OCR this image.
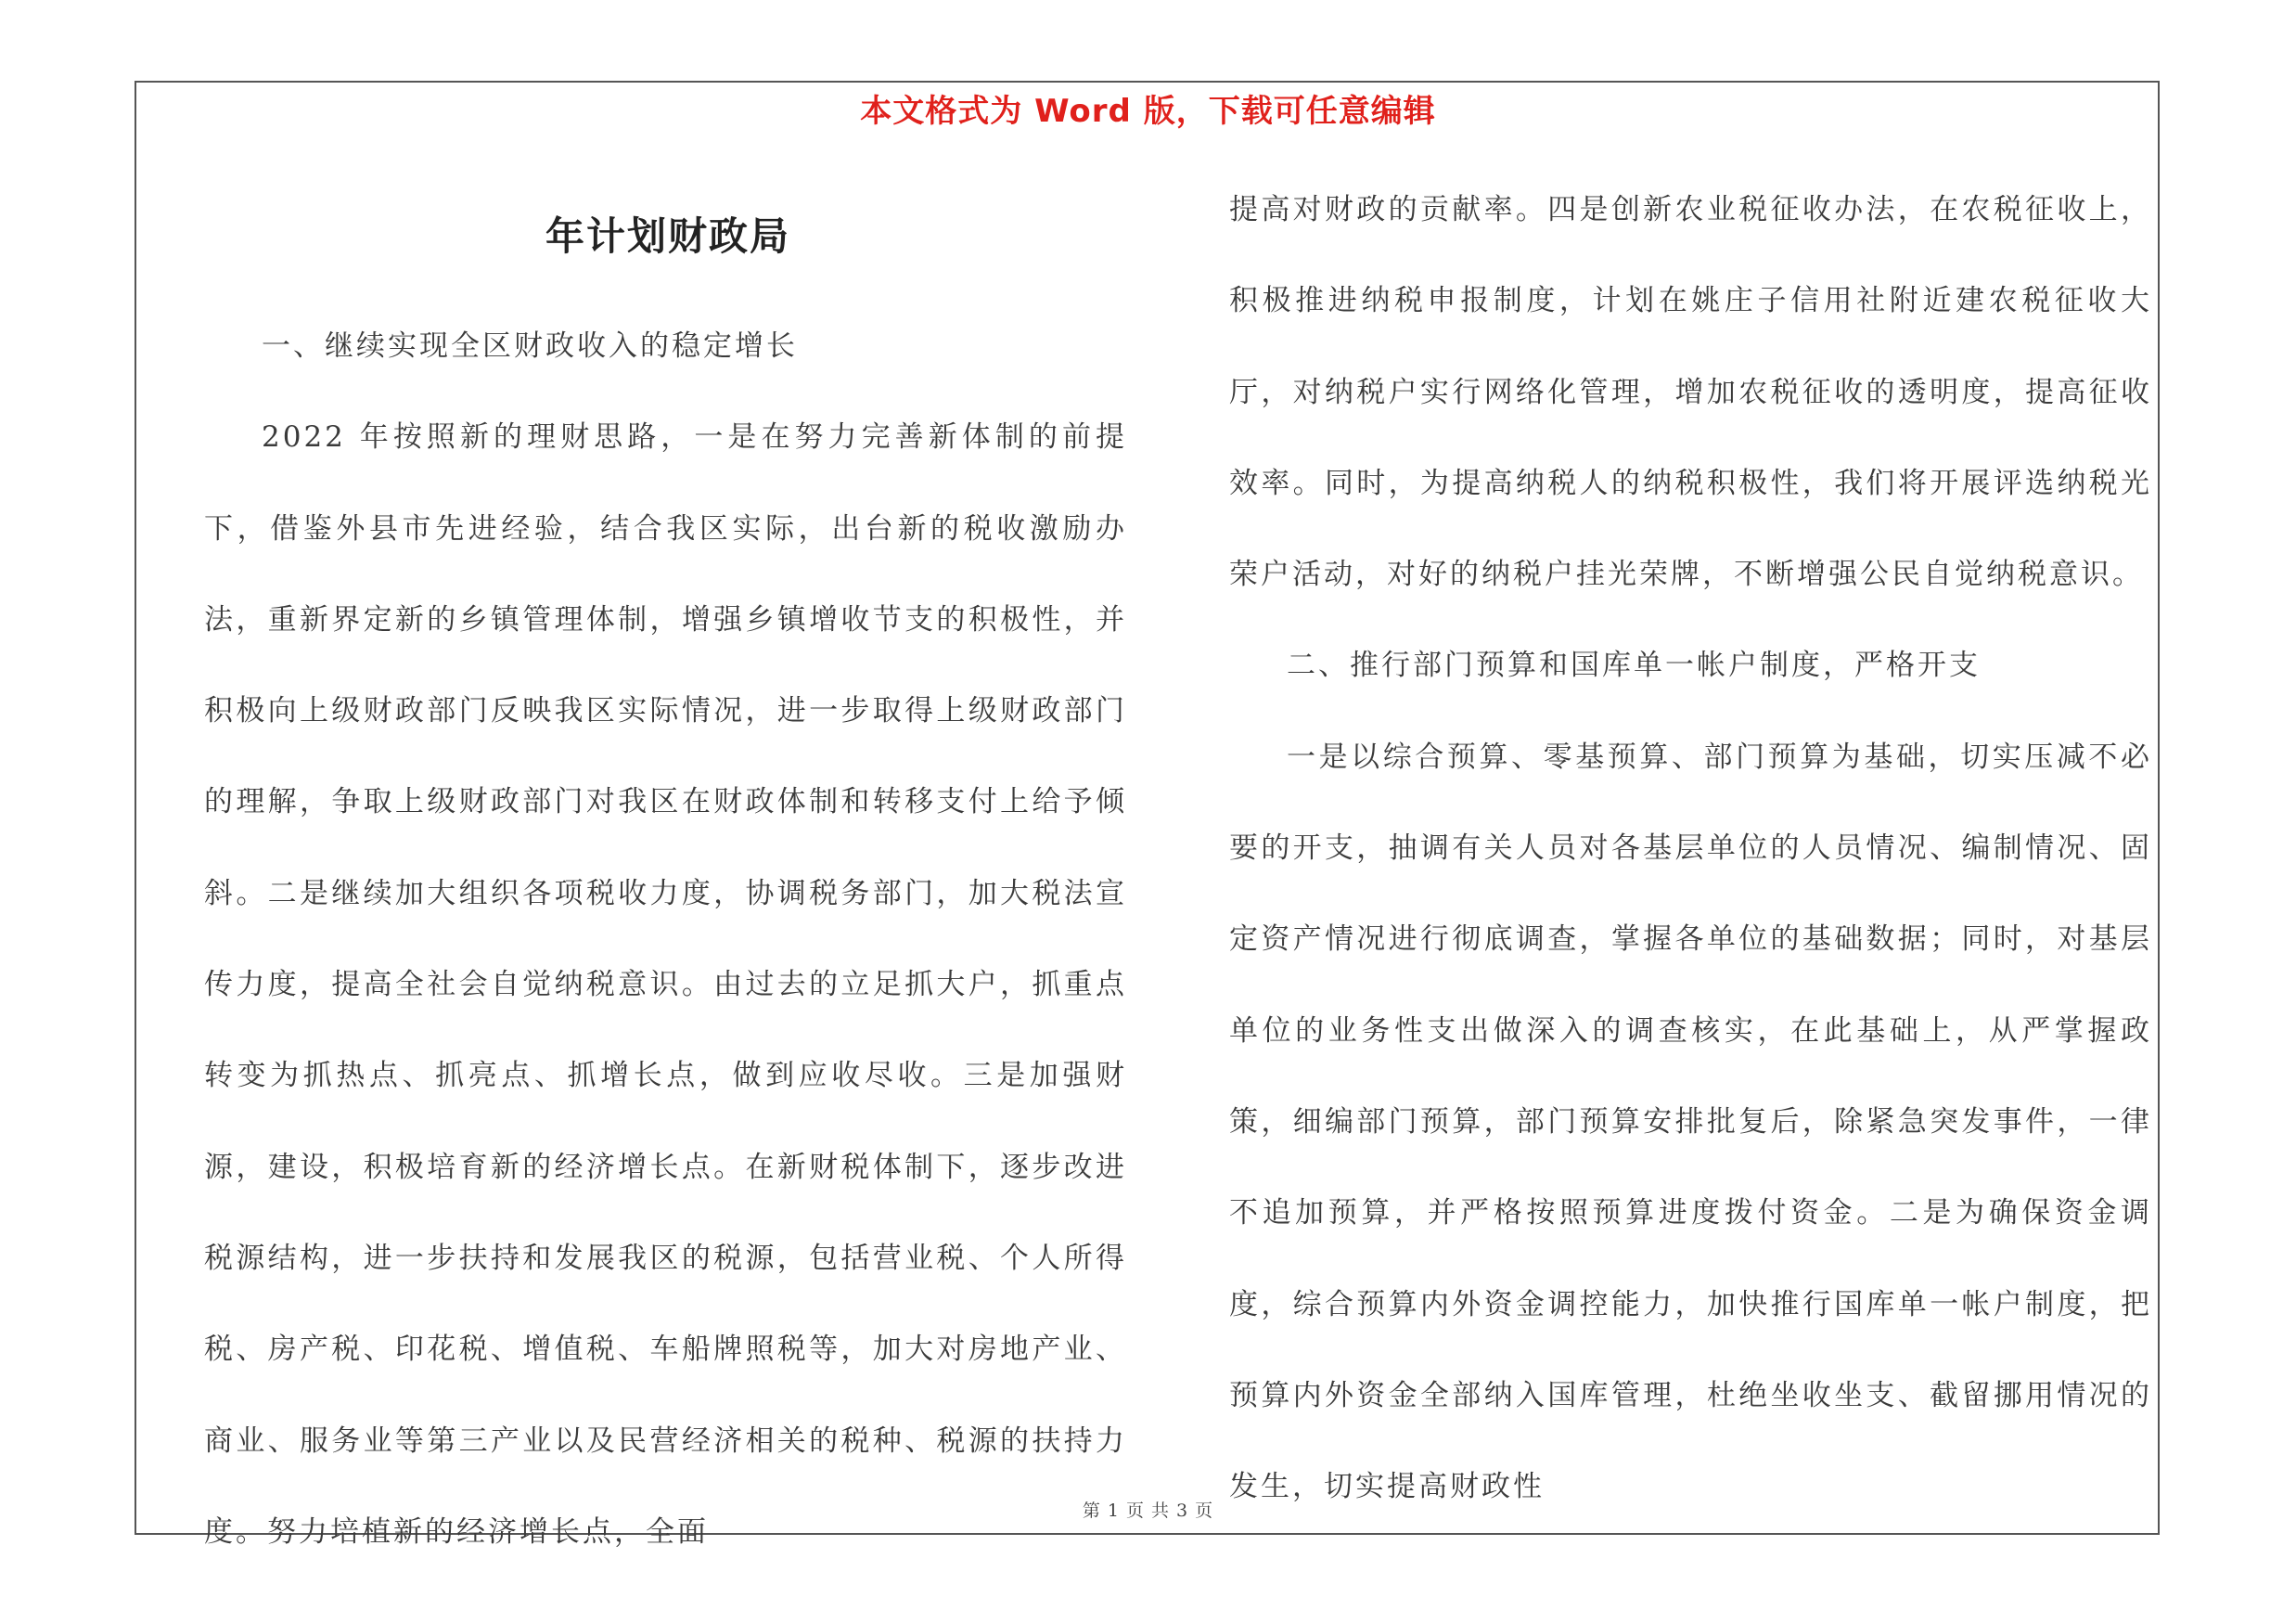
本文格式为 Word 版，下载可任意编辑
年计划财政局

一、继续实现全区财政收入的稳定增长

2022 年按照新的理财思路，一是在努力完善新体制的前提下，借鉴外县市先进经验，结合我区实际，出台新的税收激励办法，重新界定新的乡镇管理体制，增强乡镇增收节支的积极性，并积极向上级财政部门反映我区实际情况，进一步取得上级财政部门的理解，争取上级财政部门对我区在财政体制和转移支付上给予倾斜。二是继续加大组织各项税收力度，协调税务部门，加大税法宣传力度，提高全社会自觉纳税意识。由过去的立足抓大户，抓重点转变为抓热点、抓亮点、抓增长点，做到应收尽收。三是加强财源，建设，积极培育新的经济增长点。在新财税体制下，逐步改进税源结构，进一步扶持和发展我区的税源，包括营业税、个人所得税、房产税、印花税、增值税、车船牌照税等，加大对房地产业、商业、服务业等第三产业以及民营经济相关的税种、税源的扶持力度。努力培植新的经济增长点，全面

提高对财政的贡献率。四是创新农业税征收办法，在农税征收上，积极推进纳税申报制度，计划在姚庄子信用社附近建农税征收大厅，对纳税户实行网络化管理，增加农税征收的透明度，提高征收效率。同时，为提高纳税人的纳税积极性，我们将开展评选纳税光荣户活动，对好的纳税户挂光荣牌，不断增强公民自觉纳税意识。

二、推行部门预算和国库单一帐户制度，严格开支

一是以综合预算、零基预算、部门预算为基础，切实压减不必要的开支，抽调有关人员对各基层单位的人员情况、编制情况、固定资产情况进行彻底调查，掌握各单位的基础数据；同时，对基层单位的业务性支出做深入的调查核实，在此基础上，从严掌握政策，细编部门预算，部门预算安排批复后，除紧急突发事件，一律不追加预算，并严格按照预算进度拨付资金。二是为确保资金调度，综合预算内外资金调控能力，加快推行国库单一帐户制度，把预算内外资金全部纳入国库管理，杜绝坐收坐支、截留挪用情况的发生，切实提高财政性

第 1 页 共 3 页
